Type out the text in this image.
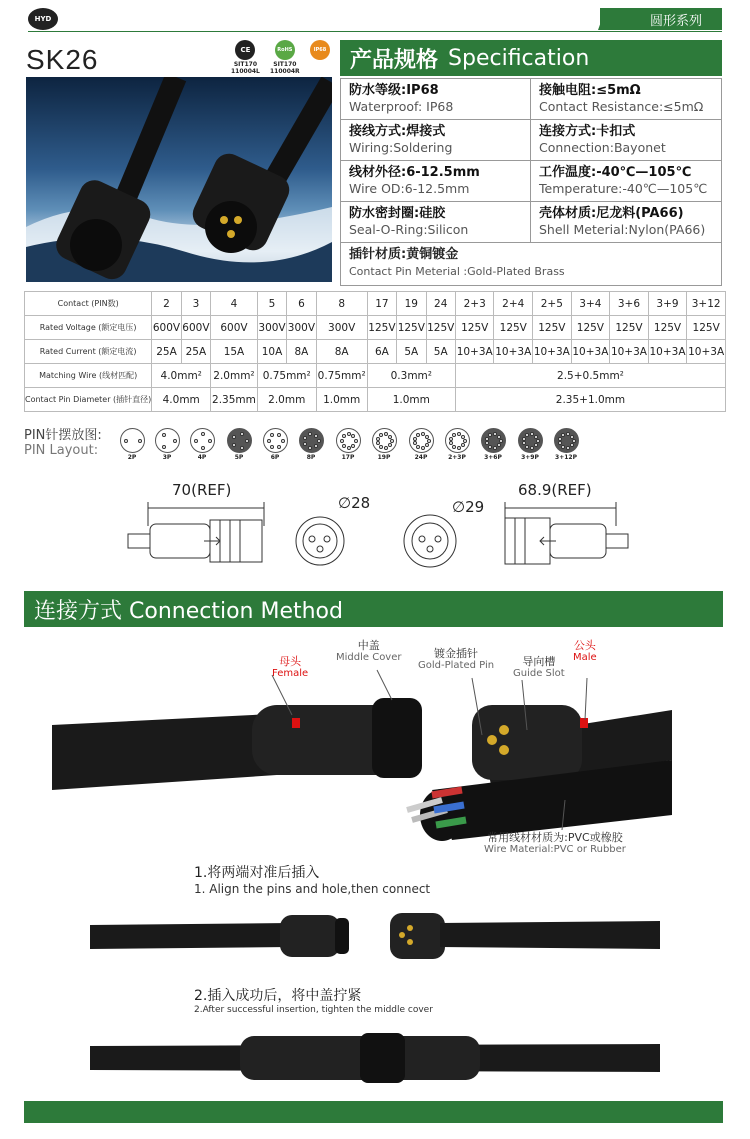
HYD	圆形系列
SK26	CE
SIT170
110004L
RoHS
SIT170
110004R
IP68 产品规格 Specification
防水等级:IP68
Waterproof: IP68
接触电阻:≤5mΩ
Contact Resistance:≤5mΩ
接线方式:焊接式
Wiring:Soldering
连接方式:卡扣式
Connection:Bayonet
线材外径:6-12.5mm
Wire OD:6-12.5mm
工作温度:-40℃—105℃
Temperature:-40℃—105℃
防水密封圈:硅胶
Seal-O-Ring:Silicon
壳体材质:尼龙料(PA66)
Shell Meterial:Nylon(PA66)
插针材质:黄铜镀金
Contact Pin Meterial :Gold-Plated Brass
Contact (PIN数)	2	3	4	5	6	8	17	19	24	2+3	2+4	2+5	3+4	3+6	3+9	3+12
Rated Voltage (额定电压)	600V	600V	600V	300V	300V	300V	125V	125V	125V	125V	125V	125V	125V	125V	125V	125V
Rated Current (额定电流)	25A	25A	15A	10A	8A	8A	6A	5A	5A	10+3A	10+3A	10+3A	10+3A	10+3A	10+3A	10+3A
Matching Wire (线材匹配)	4.0mm²		2.0mm²	0.75mm²		0.75mm²	0.3mm²			2.5+0.5mm²						
Contact Pin Diameter (插针直径)	4.0mm		2.35mm	2.0mm		1.0mm	1.0mm			2.35+1.0mm						
PIN针摆放图:
PIN Layout:	2P	3P	4P	5P	6P	8P	17P	19P	24P	2+3P	3+6P	3+9P	3+12P
70(REF)
∅28	∅29
68.9(REF)
连接方式 Connection Method
母头
Female
中盖
Middle Cover	镀金插针
Gold-Plated Pin	导向槽
Guide Slot
公头
Male
常用线材材质为:PVC或橡胶
Wire Material:PVC or Rubber
1.将两端对准后插入
1. Align the pins and hole,then connect
2.插入成功后，将中盖拧紧
2.After successful insertion, tighten the middle cover
